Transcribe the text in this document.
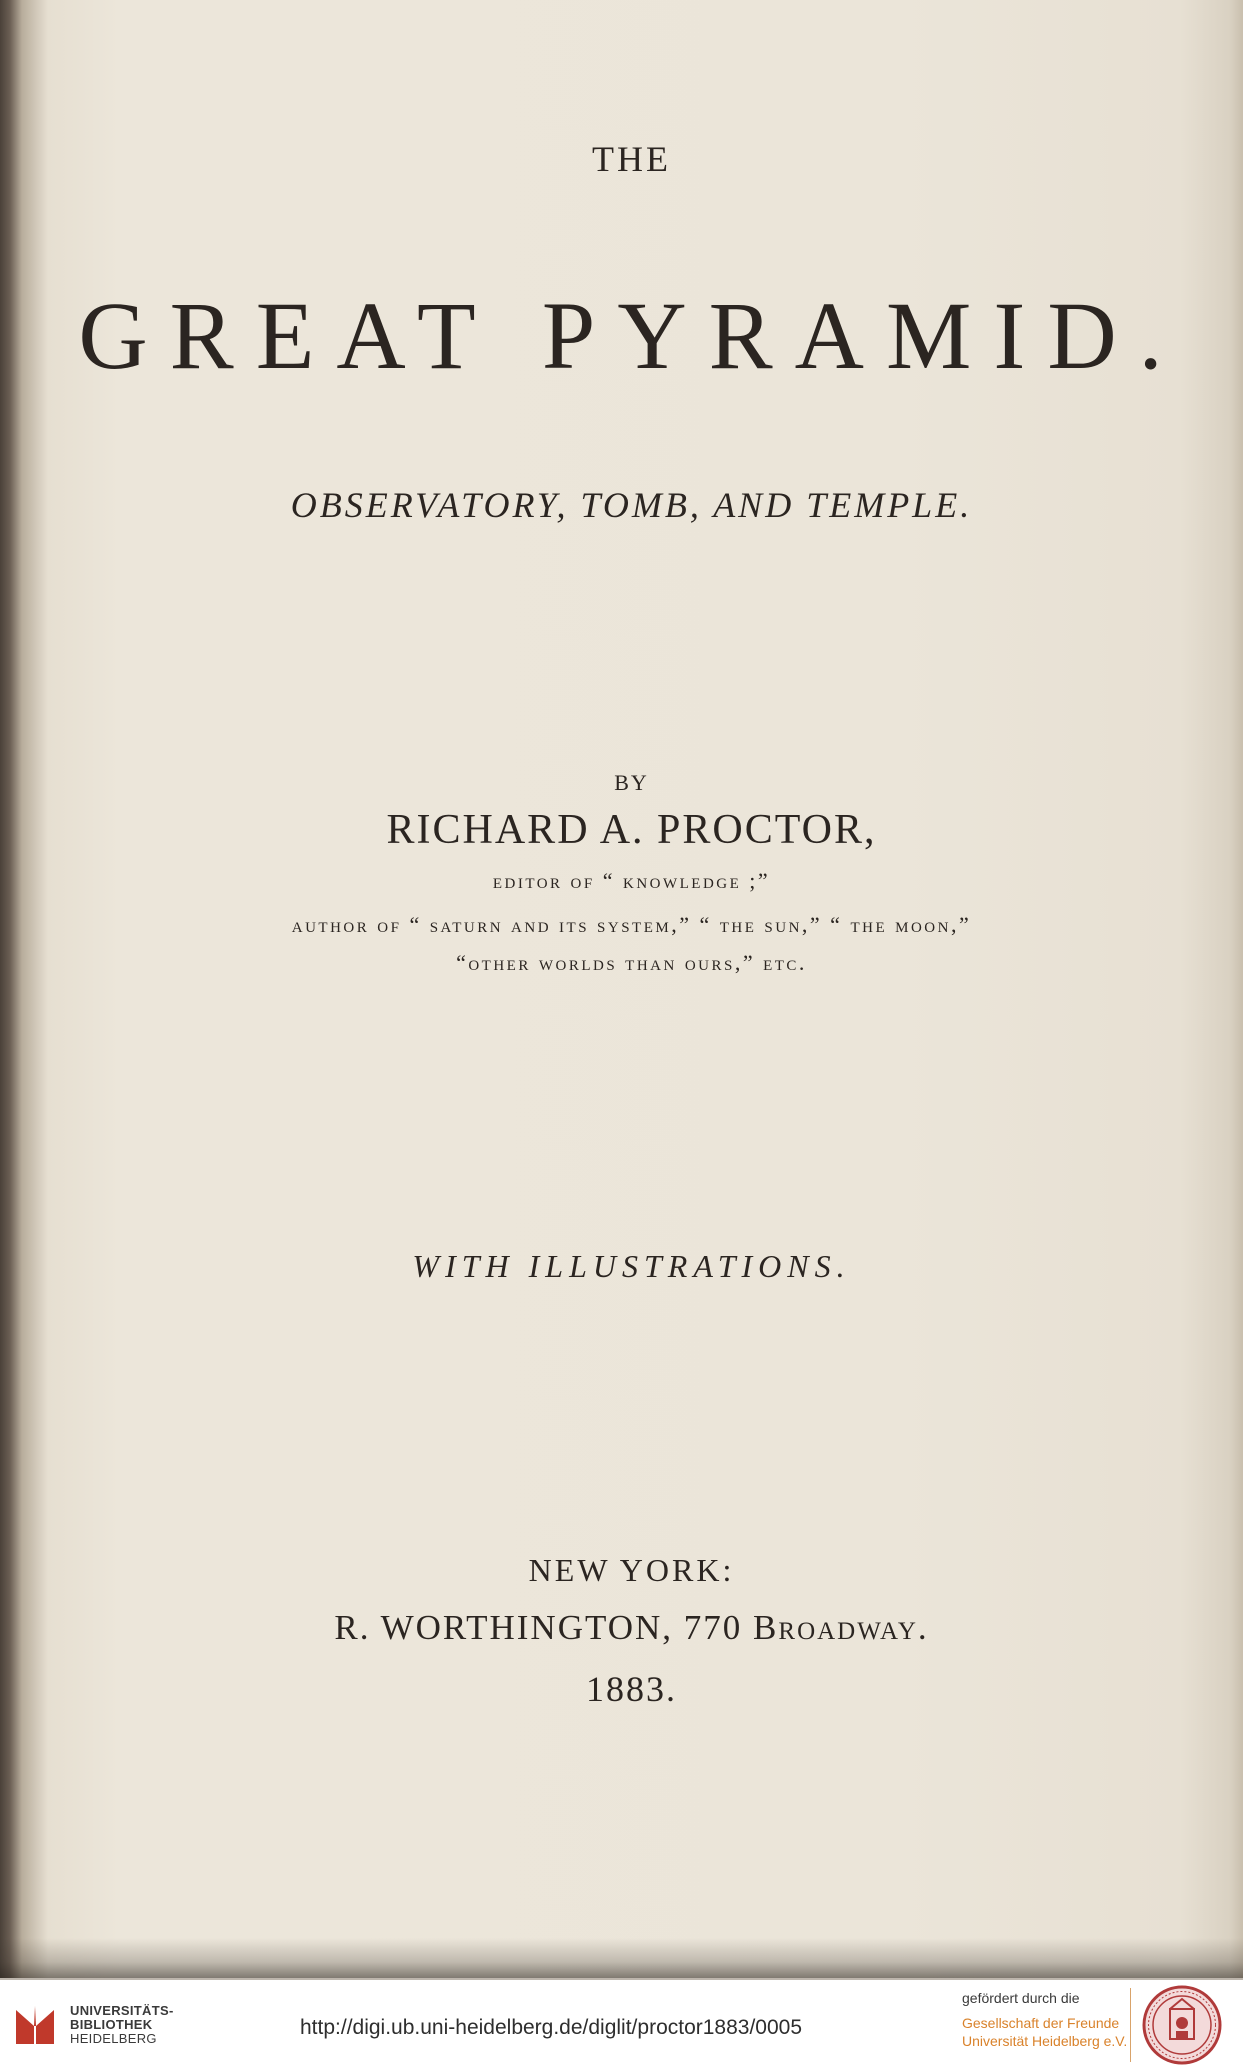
THE
GREAT PYRAMID.
OBSERVATORY, TOMB, AND TEMPLE.
BY
RICHARD A. PROCTOR,
editor of “ knowledge ;”
author of “ saturn and its system,” “ the sun,” “ the moon,”
“other worlds than ours,” etc.
WITH ILLUSTRATIONS.
NEW YORK:
R. WORTHINGTON, 770 Broadway.
1883.
UNIVERSITÄTS-
BIBLIOTHEK
HEIDELBERG	http://digi.ub.uni-heidelberg.de/diglit/proctor1883/0005
gefördert durch die
Gesellschaft der Freunde
Universität Heidelberg e.V.
